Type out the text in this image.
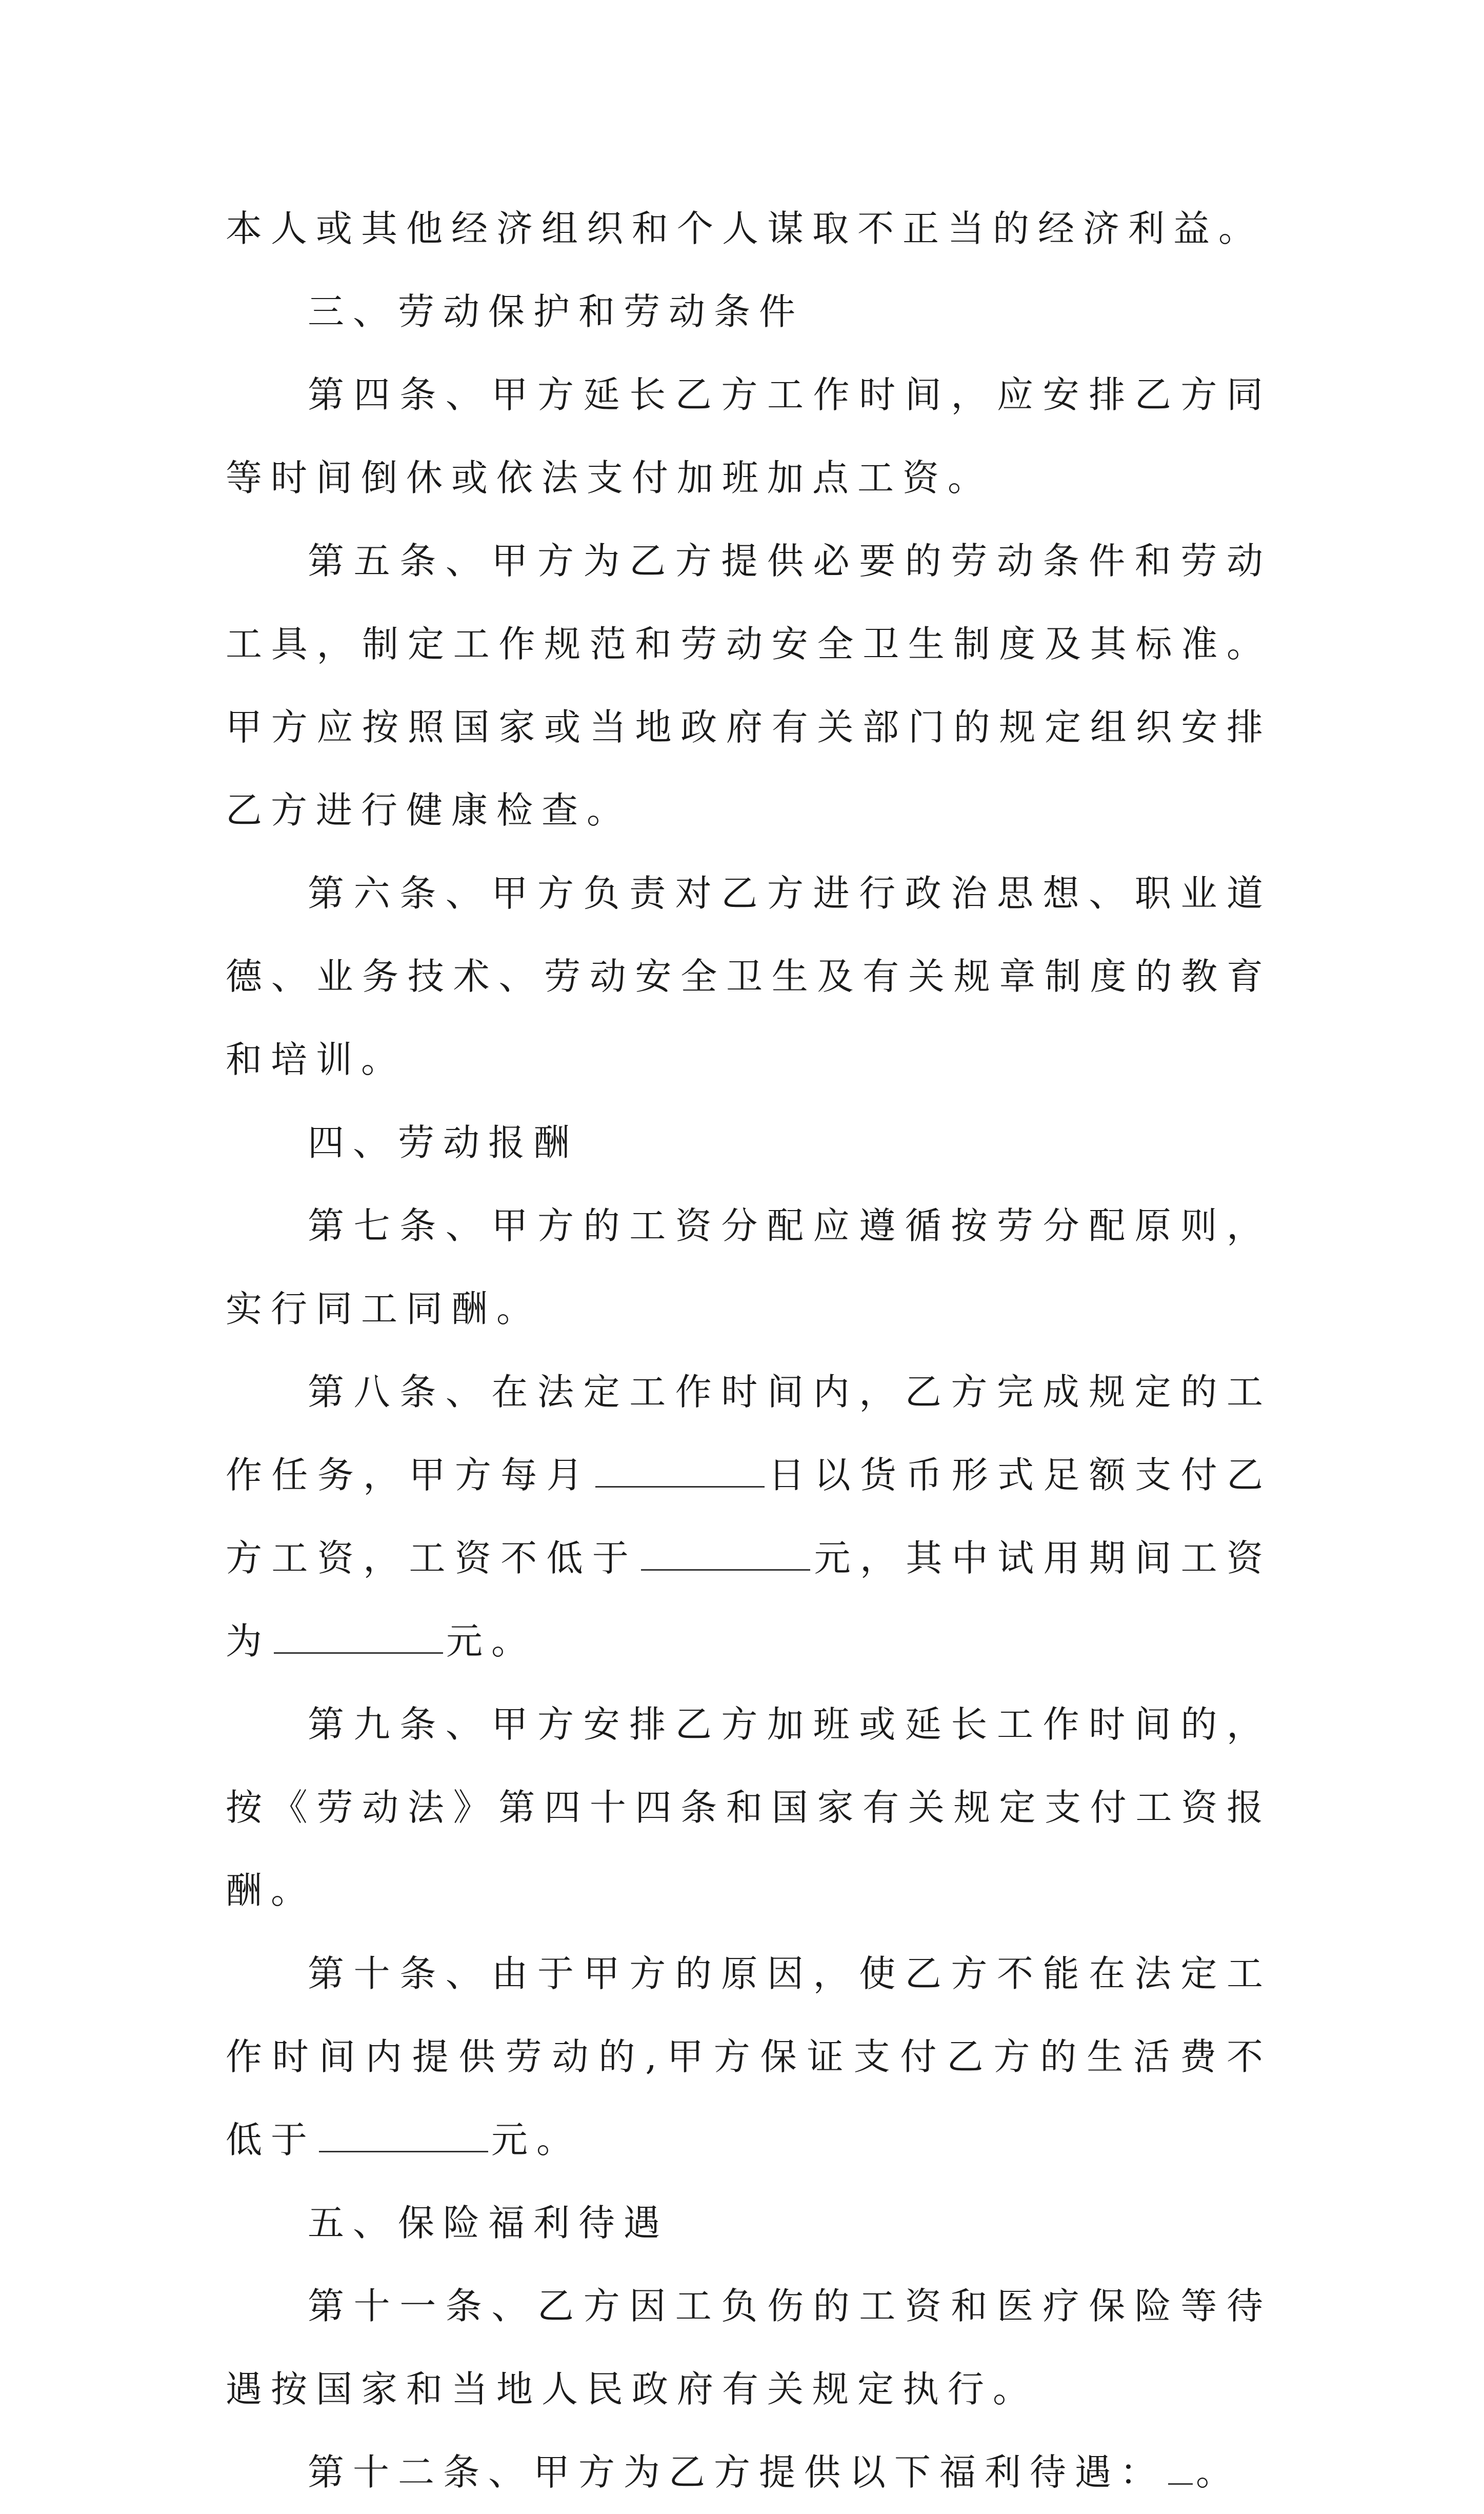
本人或其他经济组织和个人谋取不正当的经济利益。

三、劳动保护和劳动条件

第四条、甲方延长乙方工作时间，应安排乙方同等时间倒休或依法支付加班加点工资。

第五条、甲方为乙方提供必要的劳动条件和劳动工具，制定工作规范和劳动安全卫生制度及其标准。甲方应按照国家或当地政府有关部门的规定组织安排乙方进行健康检查。

第六条、甲方负责对乙方进行政治思想、职业道德、业务技术、劳动安全卫生及有关规章制度的教育和培训。

四、劳动报酬

第七条、甲方的工资分配应遵循按劳分配原则，实行同工同酬。

第八条、在法定工作时间内，乙方完成规定的工作任务，甲方每月	日以货币形式足额支付乙方工资，工资不低于	元，其中试用期间工资为	元。

第九条、甲方安排乙方加班或延长工作时间的，按《劳动法》第四十四条和国家有关规定支付工资报酬。

第十条、由于甲方的原因，使乙方不能在法定工作时间内提供劳动的,甲方保证支付乙方的生活费不低于	元。

五、保险福利待遇

第十一条、乙方因工负伤的工资和医疗保险等待遇按国家和当地人民政府有关规定执行。

第十二条、甲方为乙方提供以下福利待遇： 。
